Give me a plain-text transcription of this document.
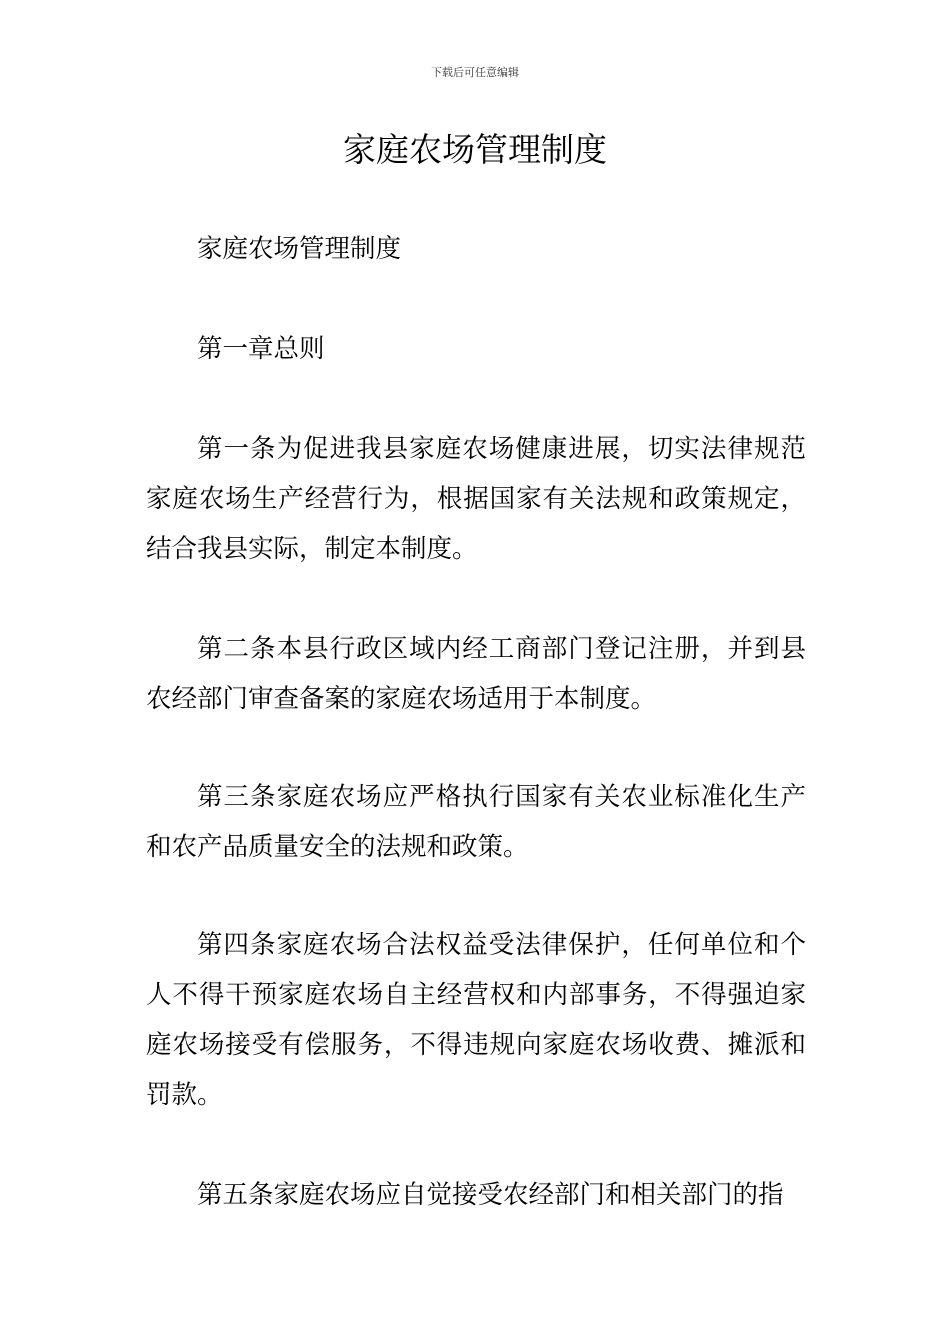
下载后可任意编辑
家庭农场管理制度

家庭农场管理制度

第一章总则

第一条为促进我县家庭农场健康进展，切实法律规范家庭农场生产经营行为，根据国家有关法规和政策规定，结合我县实际，制定本制度。

第二条本县行政区域内经工商部门登记注册，并到县农经部门审查备案的家庭农场适用于本制度。

第三条家庭农场应严格执行国家有关农业标准化生产和农产品质量安全的法规和政策。

第四条家庭农场合法权益受法律保护，任何单位和个人不得干预家庭农场自主经营权和内部事务，不得强迫家庭农场接受有偿服务，不得违规向家庭农场收费、摊派和罚款。

第五条家庭农场应自觉接受农经部门和相关部门的指
